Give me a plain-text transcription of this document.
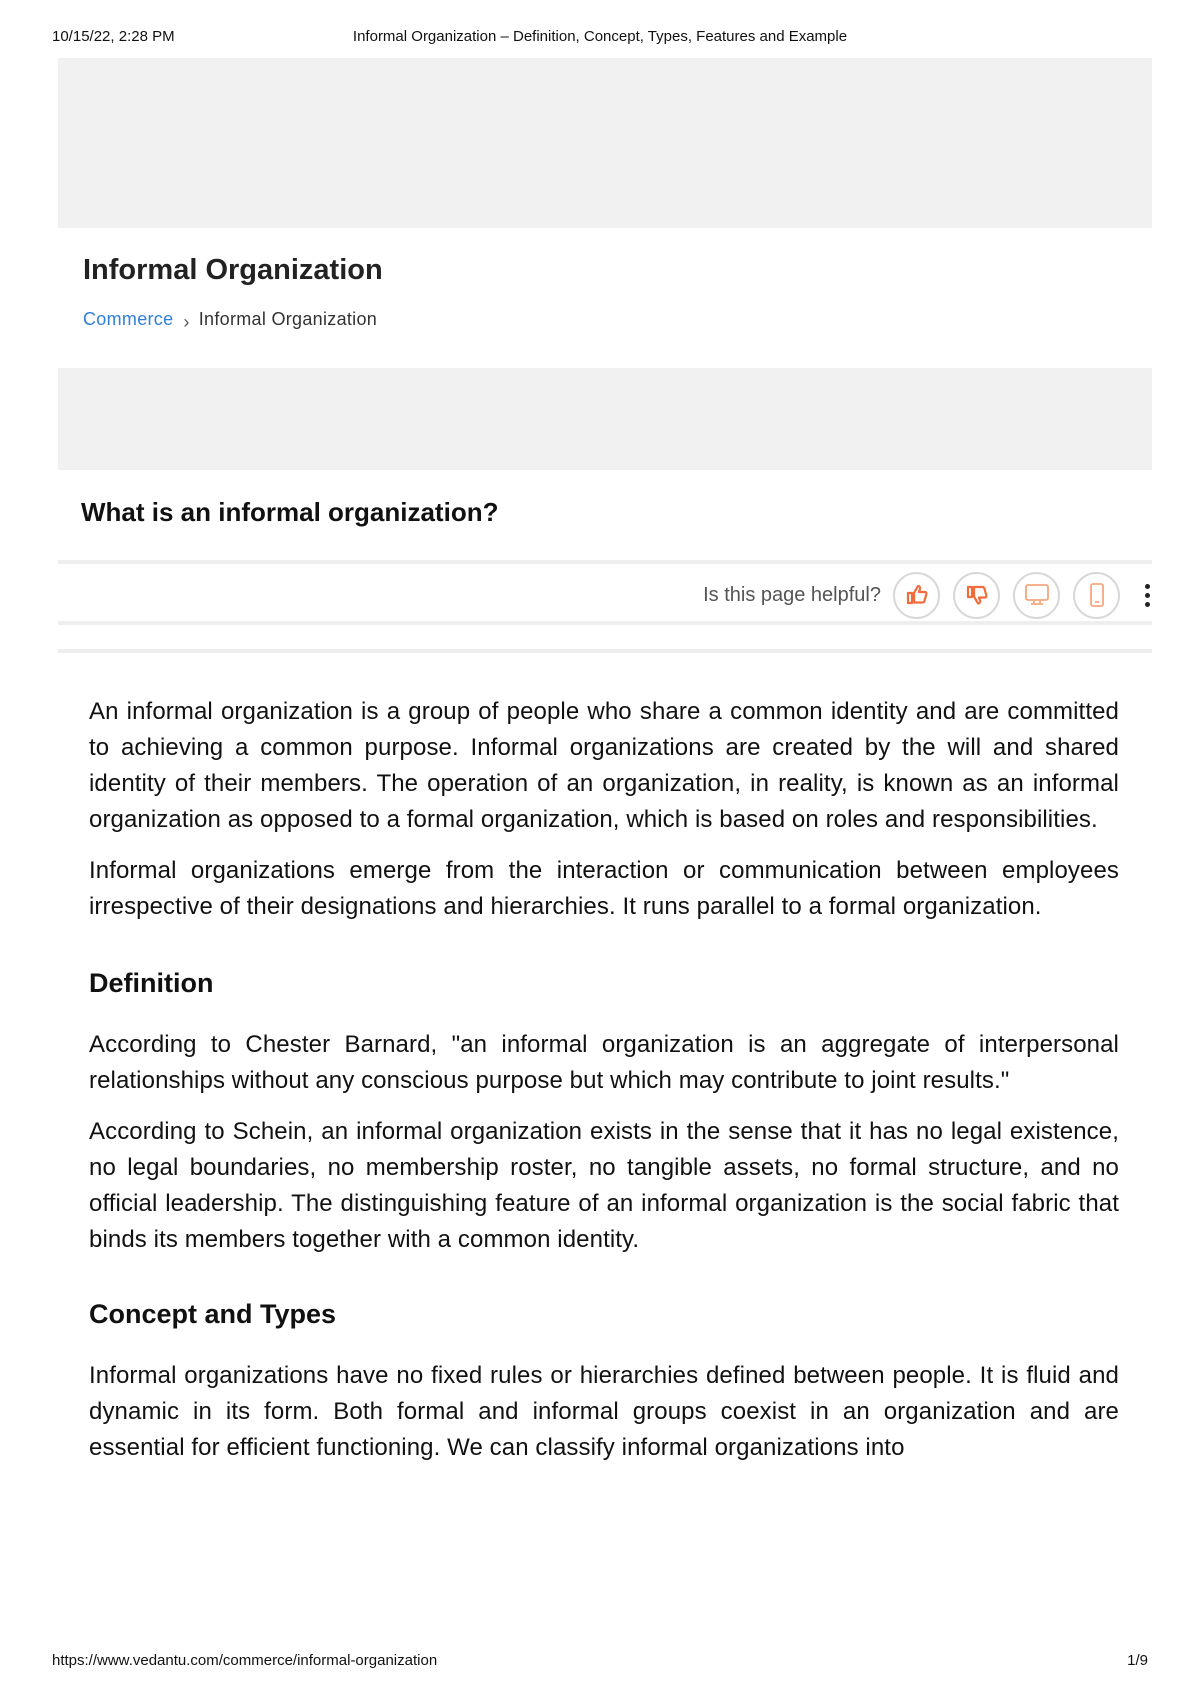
10/15/22, 2:28 PM	Informal Organization – Definition, Concept, Types, Features and Example
Informal Organization
Commerce › Informal Organization
What is an informal organization?
Is this page helpful?

An informal organization is a group of people who share a common identity and are committed to achieving a common purpose. Informal organizations are created by the will and shared identity of their members. The operation of an organization, in reality, is known as an informal organization as opposed to a formal organization, which is based on roles and responsibilities.

Informal organizations emerge from the interaction or communication between employees irrespective of their designations and hierarchies. It runs parallel to a formal organization.

Definition

According to Chester Barnard, "an informal organization is an aggregate of interpersonal relationships without any conscious purpose but which may contribute to joint results."

According to Schein, an informal organization exists in the sense that it has no legal existence, no legal boundaries, no membership roster, no tangible assets, no formal structure, and no official leadership. The distinguishing feature of an informal organization is the social fabric that binds its members together with a common identity.

Concept and Types

Informal organizations have no fixed rules or hierarchies defined between people. It is fluid and dynamic in its form. Both formal and informal groups coexist in an organization and are essential for efficient functioning. We can classify informal organizations into

https://www.vedantu.com/commerce/informal-organization	1/9
